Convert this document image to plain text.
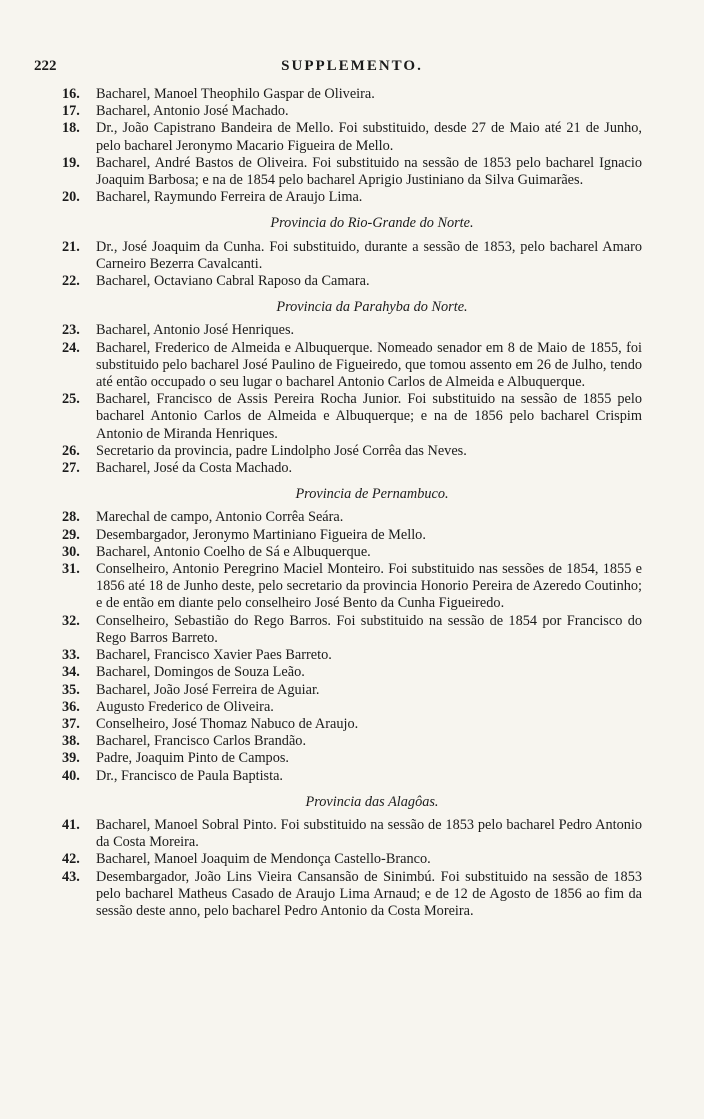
222	SUPPLEMENTO.
16.	Bacharel, Manoel Theophilo Gaspar de Oliveira.
17.	Bacharel, Antonio José Machado.
18.	Dr., João Capistrano Bandeira de Mello. Foi substituido, desde 27 de Maio até 21 de Junho, pelo bacharel Jeronymo Macario Figueira de Mello.
19.	Bacharel, André Bastos de Oliveira. Foi substituido na sessão de 1853 pelo bacharel Ignacio Joaquim Barbosa; e na de 1854 pelo bacharel Aprigio Justiniano da Silva Guimarães.
20.	Bacharel, Raymundo Ferreira de Araujo Lima.
Provincia do Rio-Grande do Norte.
21.	Dr., José Joaquim da Cunha. Foi substituido, durante a sessão de 1853, pelo bacharel Amaro Carneiro Bezerra Cavalcanti.
22.	Bacharel, Octaviano Cabral Raposo da Camara.
Provincia da Parahyba do Norte.
23.	Bacharel, Antonio José Henriques.
24.	Bacharel, Frederico de Almeida e Albuquerque. Nomeado senador em 8 de Maio de 1855, foi substituido pelo bacharel José Paulino de Figueiredo, que tomou assento em 26 de Julho, tendo até então occupado o seu lugar o bacharel Antonio Carlos de Almeida e Albuquerque.
25.	Bacharel, Francisco de Assis Pereira Rocha Junior. Foi substituido na sessão de 1855 pelo bacharel Antonio Carlos de Almeida e Albuquerque; e na de 1856 pelo bacharel Crispim Antonio de Miranda Henriques.
26.	Secretario da provincia, padre Lindolpho José Corrêa das Neves.
27.	Bacharel, José da Costa Machado.
Provincia de Pernambuco.
28.	Marechal de campo, Antonio Corrêa Seára.
29.	Desembargador, Jeronymo Martiniano Figueira de Mello.
30.	Bacharel, Antonio Coelho de Sá e Albuquerque.
31.	Conselheiro, Antonio Peregrino Maciel Monteiro. Foi substituido nas sessões de 1854, 1855 e 1856 até 18 de Junho deste, pelo secretario da provincia Honorio Pereira de Azeredo Coutinho; e de então em diante pelo conselheiro José Bento da Cunha Figueiredo.
32.	Conselheiro, Sebastião do Rego Barros. Foi substituido na sessão de 1854 por Francisco do Rego Barros Barreto.
33.	Bacharel, Francisco Xavier Paes Barreto.
34.	Bacharel, Domingos de Souza Leão.
35.	Bacharel, João José Ferreira de Aguiar.
36.	Augusto Frederico de Oliveira.
37.	Conselheiro, José Thomaz Nabuco de Araujo.
38.	Bacharel, Francisco Carlos Brandão.
39.	Padre, Joaquim Pinto de Campos.
40.	Dr., Francisco de Paula Baptista.
Provincia das Alagôas.
41.	Bacharel, Manoel Sobral Pinto. Foi substituido na sessão de 1853 pelo bacharel Pedro Antonio da Costa Moreira.
42.	Bacharel, Manoel Joaquim de Mendonça Castello-Branco.
43.	Desembargador, João Lins Vieira Cansansão de Sinimbú. Foi substituido na sessão de 1853 pelo bacharel Matheus Casado de Araujo Lima Arnaud; e de 12 de Agosto de 1856 ao fim da sessão deste anno, pelo bacharel Pedro Antonio da Costa Moreira.
